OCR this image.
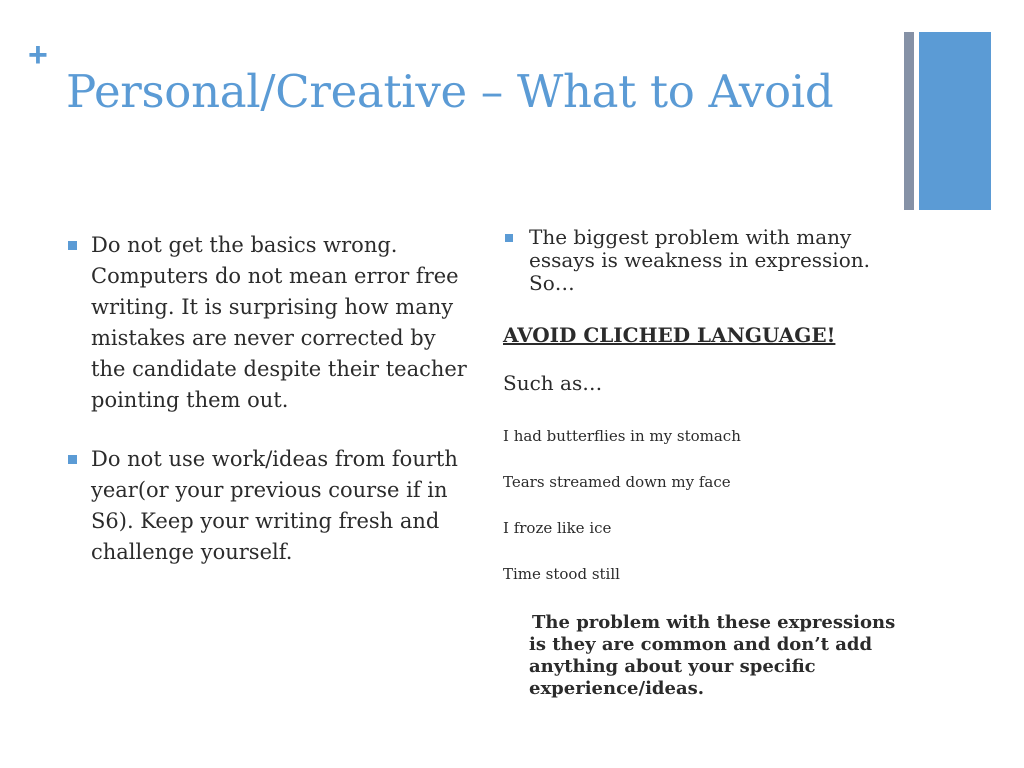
+
Personal/Creative – What to Avoid

Do not get the basics wrong. Computers do not mean error free writing. It is surprising how many mistakes are never corrected by the candidate despite their teacher pointing them out.

Do not use work/ideas from fourth year(or your previous course if in S6). Keep your writing fresh and challenge yourself.

The biggest problem with many essays is weakness in expression. So…

AVOID CLICHED LANGUAGE!

Such as…

I had butterflies in my stomach

Tears streamed down my face

I froze like ice

Time stood still

The problem with these expressions is they are common and don’t add anything about your specific experience/ideas.
